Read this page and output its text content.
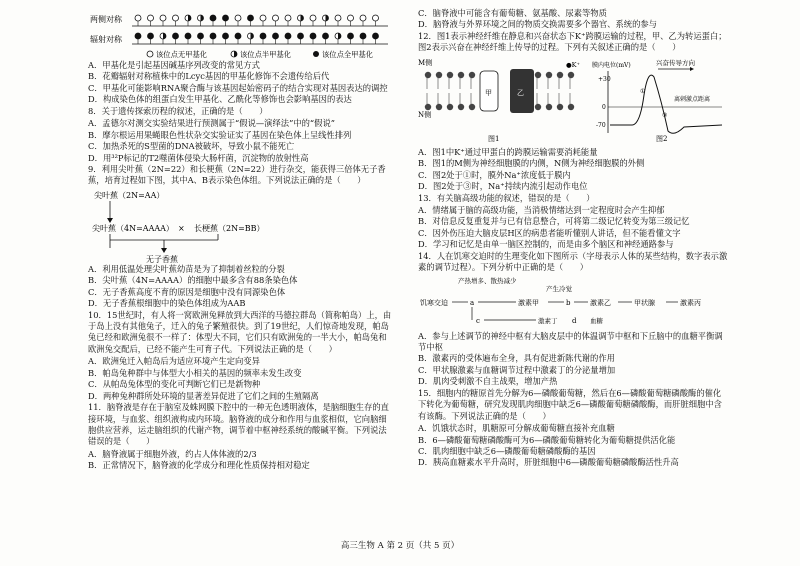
两侧对称
辐射对称
该位点无甲基化	该位点半甲基化	该位点全甲基化

A．甲基化是引起基因碱基序列改变的常见方式

B．花瓣辐射对称植株中的Lcyc基因的甲基化修饰不会遗传给后代

C．甲基化可能影响RNA聚合酶与该基因起始密码子的结合实现对基因表达的调控

D．构成染色体的组蛋白发生甲基化、乙酰化等修饰也会影响基因的表达

8．关于遗传探索历程的叙述，正确的是（　　）

A．孟德尔对测交实验结果进行预测属于“假说—演绎法”中的“假说”

B．摩尔根运用果蝇眼色性状杂交实验证实了基因在染色体上呈线性排列

C．加热杀死的S型菌的DNA被破坏，导致小鼠不能死亡

D．用³²P标记的T2噬菌体侵染大肠杆菌，沉淀物的放射性高

9．利用尖叶蕉（2N=22）和长梗蕉（2N=22）进行杂交，能获得三倍体无子香蕉，培育过程如下图，其中A、B表示染色体组。下列说法正确的是（　　）

尖叶蕉（2N=AA）
尖叶蕉（4N=AAAA） × 长梗蕉（2N=BB）
无子香蕉

A．利用低温处理尖叶蕉幼苗是为了抑制着丝粒的分裂

B．尖叶蕉（4N=AAAA）的细胞中最多含有88条染色体

C．无子香蕉高度不育的原因是细胞中没有同源染色体

D．无子香蕉根细胞中的染色体组成为AAB

10．15世纪时，有人将一窝欧洲兔释放到大西洋的马德拉群岛（简称帕岛）上，由于岛上没有其他兔子，迁入的兔子繁殖很快。到了19世纪，人们惊奇地发现，帕岛兔已经和欧洲兔很不一样了：体型大不同，它们只有欧洲兔的一半大小，帕岛兔和欧洲兔交配后，已经不能产生可育子代。下列说法正确的是（　　）

A．欧洲兔迁入帕岛后为适应环境产生定向变异

B．帕岛兔种群中与体型大小相关的基因的频率未发生改变

C．从帕岛兔体型的变化可判断它们已是新物种

D．两种兔种群所处环境的显著差异促进了它们之间的生殖隔离

11．脑脊液是存在于脑室及蛛网膜下腔中的一种无色透明液体，是脑细胞生存的直接环境，与血浆、组织液构成内环境。脑脊液的成分和作用与血浆相似，它向脑细胞供应营养，运走脑组织的代谢产物，调节着中枢神经系统的酸碱平衡。下列说法错误的是（　　）

A．脑脊液属于细胞外液，约占人体体液的2/3

B．正常情况下，脑脊液的化学成分和理化性质保持相对稳定

C．脑脊液中可能含有葡萄糖、氨基酸、尿素等物质

D．脑脊液与外界环境之间的物质交换需要多个器官、系统的参与

12．图1表示神经纤维在静息和兴奋状态下K⁺跨膜运输的过程，甲、乙为转运蛋白；图2表示兴奋在神经纤维上传导的过程。下列有关叙述正确的是（　　）

M侧
N侧
甲	乙
●K⁺
图1
膜内电位(mV)
+30
0
-70
兴奋传导方向
离刺激点距离
①
③
图2

A．图1中K⁺通过甲蛋白的跨膜运输需要消耗能量

B．图1的M侧为神经细胞膜的内侧，N侧为神经细胞膜的外侧

C．图2处于①时，膜外Na⁺浓度低于膜内

D．图2处于③时，Na⁺持续内流引起动作电位

13．有关脑高级功能的叙述，错误的是（　　）

A．情绪属于脑的高级功能，当消极情绪达到一定程度时会产生抑郁

B．对信息反复重复并与已有信息整合，可将第二级记忆转变为第三级记忆

C．因外伤压迫大脑皮层H区的病患者能听懂别人讲话，但不能看懂文字

D．学习和记忆是由单一脑区控制的，而是由多个脑区和神经通路参与

14．人在饥寒交迫时的生理变化如下图所示（字母表示人体的某些结构，数字表示激素的调节过程）。下列分析中正确的是（　　）

产热增多、散热减少
饥寒交迫	a	激素甲	b	激素乙	甲状腺	激素丙
产生冷觉
激素丁 d 血糖
c

A．参与上述调节的神经中枢有大脑皮层中的体温调节中枢和下丘脑中的血糖平衡调节中枢

B．激素丙的受体遍布全身，具有促进新陈代谢的作用

C．甲状腺激素与血糖调节过程中激素丁的分泌量增加

D．肌肉受刺激不自主战栗，增加产热

15．细胞内的糖原首先分解为6—磷酸葡萄糖，然后在6—磷酸葡萄糖磷酸酶的催化下转化为葡萄糖，研究发现肌肉细胞中缺乏6—磷酸葡萄糖磷酸酶，而肝脏细胞中含有该酶。下列说法正确的是（　　）

A．饥饿状态时，肌糖原可分解成葡萄糖直接补充血糖

B．6—磷酸葡萄糖磷酸酶可为6—磷酸葡萄糖转化为葡萄糖提供活化能

C．肌肉细胞中缺乏6—磷酸葡萄糖磷酸酶的基因

D．胰高血糖素水平升高时，肝脏细胞中6—磷酸葡萄糖磷酸酶活性升高

高三生物 A 第 2 页（共 5 页）
